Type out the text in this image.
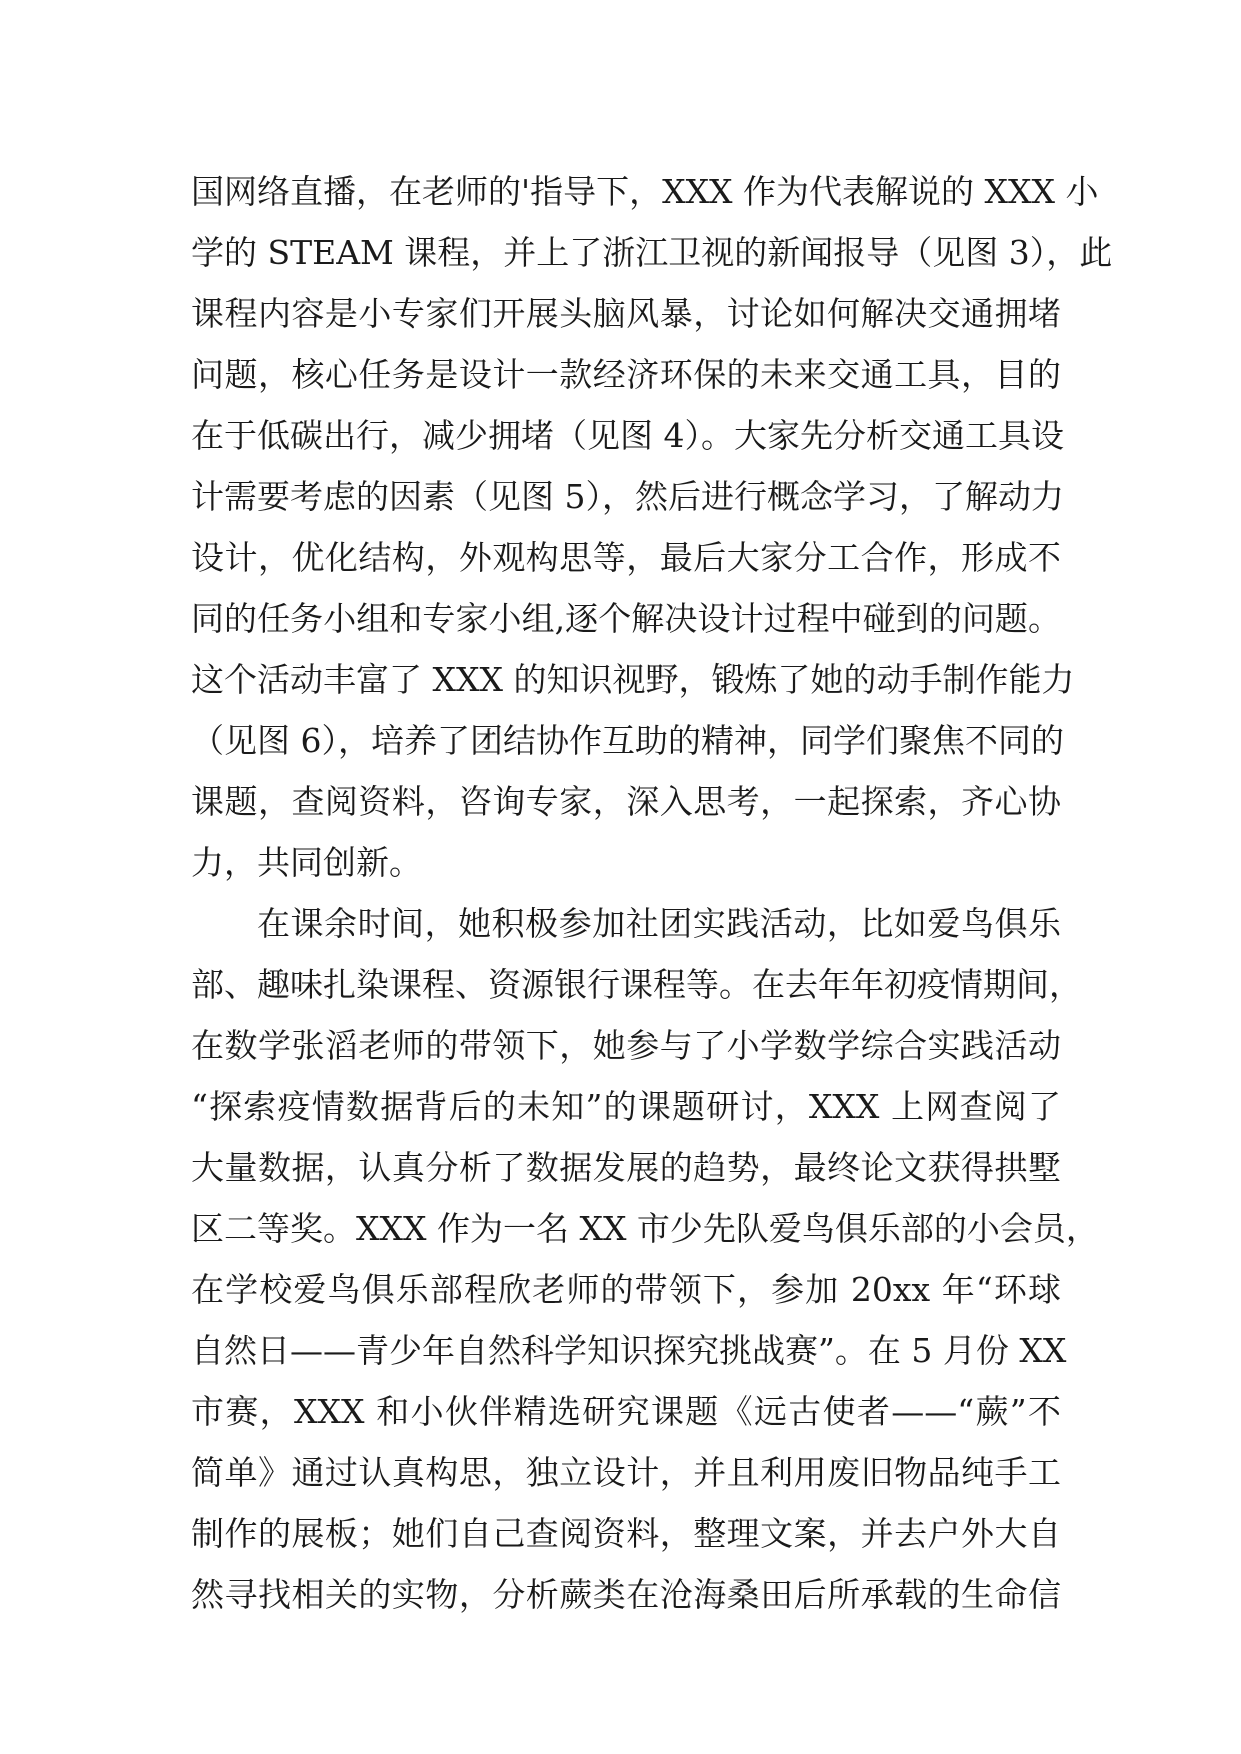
国网络直播，在老师的'指导下，XXX 作为代表解说的 XXX 小
学的 STEAM 课程，并上了浙江卫视的新闻报导（见图 3），此
课程内容是小专家们开展头脑风暴，讨论如何解决交通拥堵
问题，核心任务是设计一款经济环保的未来交通工具，目的
在于低碳出行，减少拥堵（见图 4）。大家先分析交通工具设
计需要考虑的因素（见图 5），然后进行概念学习，了解动力
设计，优化结构，外观构思等，最后大家分工合作，形成不
同的任务小组和专家小组,逐个解决设计过程中碰到的问题。
这个活动丰富了 XXX 的知识视野，锻炼了她的动手制作能力
（见图 6），培养了团结协作互助的精神，同学们聚焦不同的
课题，查阅资料，咨询专家，深入思考，一起探索，齐心协
力，共同创新。
在课余时间，她积极参加社团实践活动，比如爱鸟俱乐
部、趣味扎染课程、资源银行课程等。在去年年初疫情期间，
在数学张滔老师的带领下，她参与了小学数学综合实践活动
“探索疫情数据背后的未知”的课题研讨，XXX 上网查阅了
大量数据，认真分析了数据发展的趋势，最终论文获得拱墅
区二等奖。XXX 作为一名 XX 市少先队爱鸟俱乐部的小会员，
在学校爱鸟俱乐部程欣老师的带领下，参加 20xx 年“环球
自然日——青少年自然科学知识探究挑战赛”。在 5 月份 XX
市赛，XXX 和小伙伴精选研究课题《远古使者——“蕨”不
简单》通过认真构思，独立设计，并且利用废旧物品纯手工
制作的展板；她们自己查阅资料，整理文案，并去户外大自
然寻找相关的实物，分析蕨类在沧海桑田后所承载的生命信
